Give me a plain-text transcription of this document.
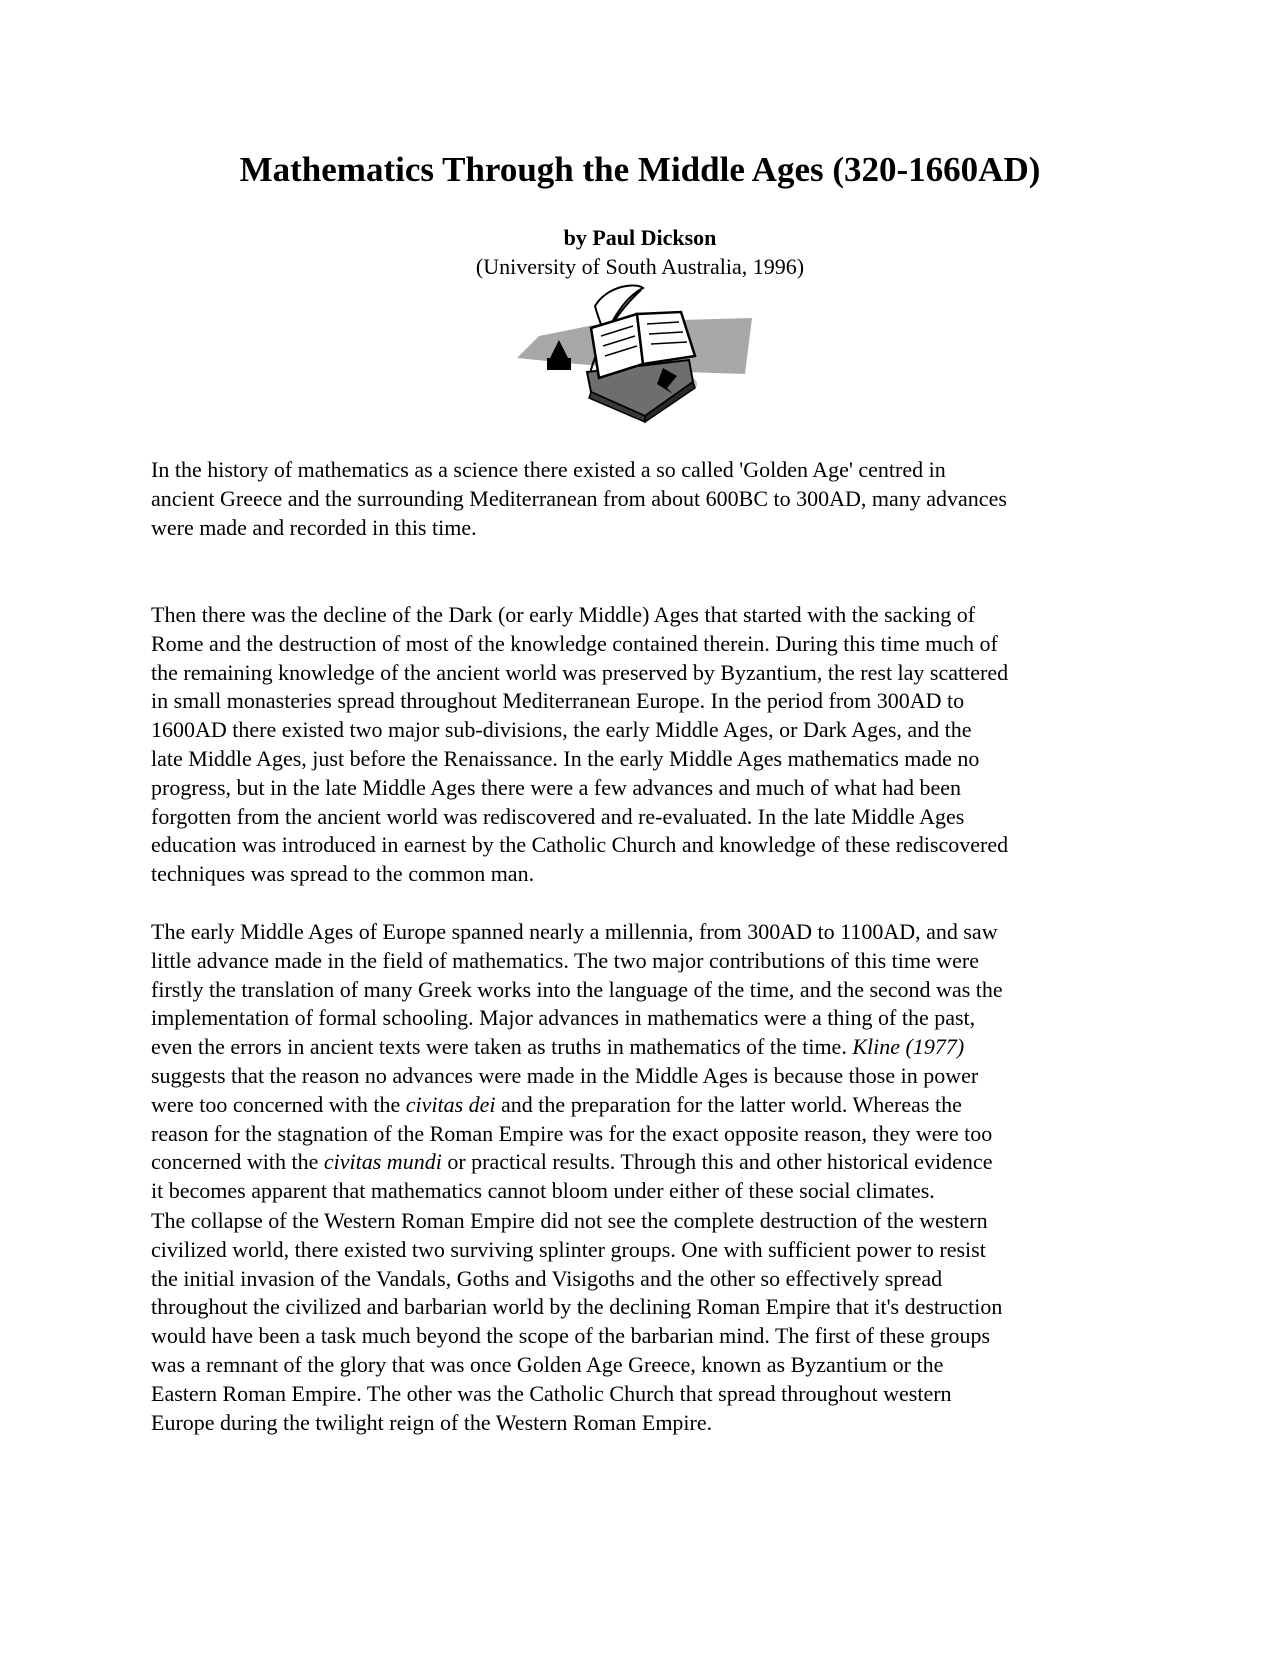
Mathematics Through the Middle Ages (320-1660AD)
by Paul Dickson
(University of South Australia, 1996)

In the history of mathematics as a science there existed a so called 'Golden Age' centred in
ancient Greece and the surrounding Mediterranean from about 600BC to 300AD, many advances
were made and recorded in this time.

Then there was the decline of the Dark (or early Middle) Ages that started with the sacking of
Rome and the destruction of most of the knowledge contained therein. During this time much of
the remaining knowledge of the ancient world was preserved by Byzantium, the rest lay scattered
in small monasteries spread throughout Mediterranean Europe. In the period from 300AD to
1600AD there existed two major sub-divisions, the early Middle Ages, or Dark Ages, and the
late Middle Ages, just before the Renaissance. In the early Middle Ages mathematics made no
progress, but in the late Middle Ages there were a few advances and much of what had been
forgotten from the ancient world was rediscovered and re-evaluated. In the late Middle Ages
education was introduced in earnest by the Catholic Church and knowledge of these rediscovered
techniques was spread to the common man.

The early Middle Ages of Europe spanned nearly a millennia, from 300AD to 1100AD, and saw
little advance made in the field of mathematics. The two major contributions of this time were
firstly the translation of many Greek works into the language of the time, and the second was the
implementation of formal schooling. Major advances in mathematics were a thing of the past,
even the errors in ancient texts were taken as truths in mathematics of the time. Kline (1977)
suggests that the reason no advances were made in the Middle Ages is because those in power
were too concerned with the civitas dei and the preparation for the latter world. Whereas the
reason for the stagnation of the Roman Empire was for the exact opposite reason, they were too
concerned with the civitas mundi or practical results. Through this and other historical evidence
it becomes apparent that mathematics cannot bloom under either of these social climates.

The collapse of the Western Roman Empire did not see the complete destruction of the western
civilized world, there existed two surviving splinter groups. One with sufficient power to resist
the initial invasion of the Vandals, Goths and Visigoths and the other so effectively spread
throughout the civilized and barbarian world by the declining Roman Empire that it's destruction
would have been a task much beyond the scope of the barbarian mind. The first of these groups
was a remnant of the glory that was once Golden Age Greece, known as Byzantium or the
Eastern Roman Empire. The other was the Catholic Church that spread throughout western
Europe during the twilight reign of the Western Roman Empire.
